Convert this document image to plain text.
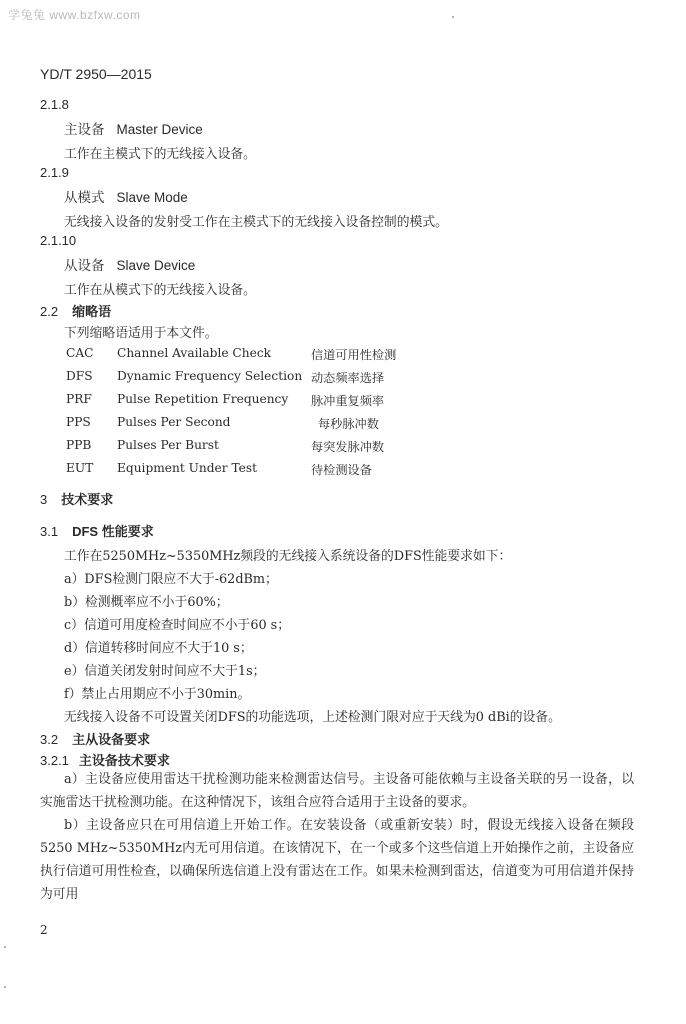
学兔兔 www.bzfxw.com
YD/T 2950—2015
2.1.8
主设备 Master Device
工作在主模式下的无线接入设备。
2.1.9
从模式 Slave Mode
无线接入设备的发射受工作在主模式下的无线接入设备控制的模式。
2.1.10
从设备 Slave Device
工作在从模式下的无线接入设备。
2.2 缩略语
下列缩略语适用于本文件。
CAC Channel Available Check	信道可用性检测
DFS Dynamic Frequency Selection 动态频率选择
PRF Pulse Repetition Frequency 脉冲重复频率
PPS Pulses Per Second	每秒脉冲数
PPB Pulses Per Burst	每突发脉冲数
EUT Equipment Under Test	待检测设备
3 技术要求
3.1 DFS 性能要求
工作在5250MHz~5350MHz频段的无线接入系统设备的DFS性能要求如下：
a）DFS检测门限应不大于-62dBm；
b）检测概率应不小于60%；
c）信道可用度检查时间应不小于60 s；
d）信道转移时间应不大于10 s；
e）信道关闭发射时间应不大于1s；
f）禁止占用期应不小于30min。
无线接入设备不可设置关闭DFS的功能选项，上述检测门限对应于天线为0 dBi的设备。
3.2 主从设备要求
3.2.1 主设备技术要求
a）主设备应使用雷达干扰检测功能来检测雷达信号。主设备可能依赖与主设备关联的另一设备，以实施雷达干扰检测功能。在这种情况下，该组合应符合适用于主设备的要求。
b）主设备应只在可用信道上开始工作。在安装设备（或重新安装）时，假设无线接入设备在频段5250 MHz~5350MHz内无可用信道。在该情况下，在一个或多个这些信道上开始操作之前，主设备应执行信道可用性检查，以确保所选信道上没有雷达在工作。如果未检测到雷达，信道变为可用信道并保持为可用
2
